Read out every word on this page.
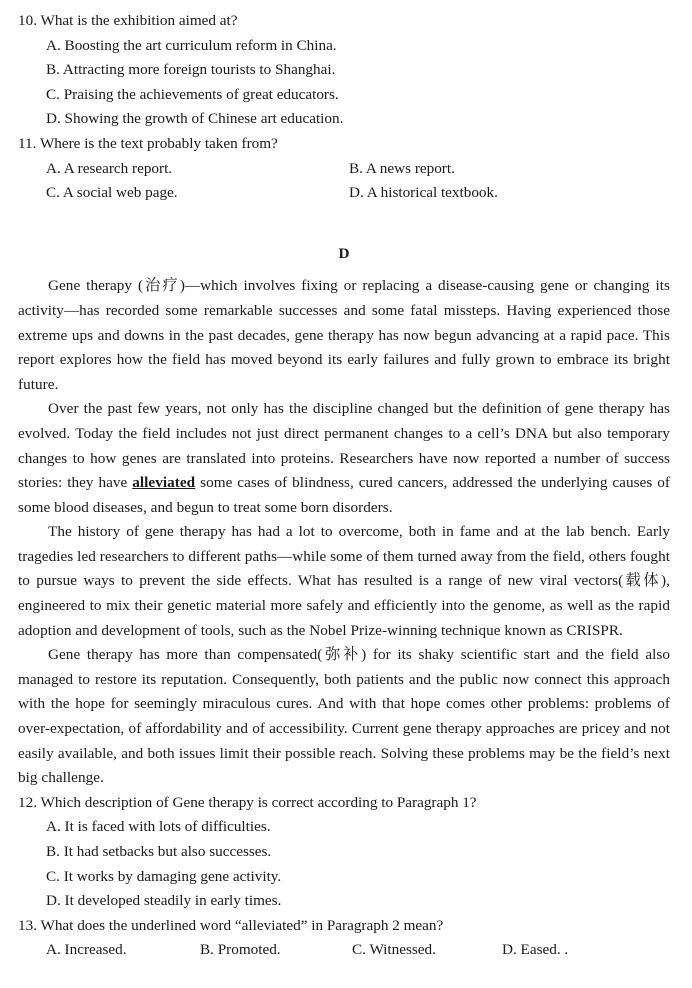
10. What is the exhibition aimed at?
A. Boosting the art curriculum reform in China.
B. Attracting more foreign tourists to Shanghai.
C. Praising the achievements of great educators.
D. Showing the growth of Chinese art education.
11. Where is the text probably taken from?
A. A research report.	B. A news report.
C. A social web page.	D. A historical textbook.
D

Gene therapy (治疗)—which involves fixing or replacing a disease-causing gene or changing its activity—has recorded some remarkable successes and some fatal missteps. Having experienced those extreme ups and downs in the past decades, gene therapy has now begun advancing at a rapid pace. This report explores how the field has moved beyond its early failures and fully grown to embrace its bright future.

Over the past few years, not only has the discipline changed but the definition of gene therapy has evolved. Today the field includes not just direct permanent changes to a cell’s DNA but also temporary changes to how genes are translated into proteins. Researchers have now reported a number of success stories: they have alleviated some cases of blindness, cured cancers, addressed the underlying causes of some blood diseases, and begun to treat some born disorders.

The history of gene therapy has had a lot to overcome, both in fame and at the lab bench. Early tragedies led researchers to different paths—while some of them turned away from the field, others fought to pursue ways to prevent the side effects. What has resulted is a range of new viral vectors(载体), engineered to mix their genetic material more safely and efficiently into the genome, as well as the rapid adoption and development of tools, such as the Nobel Prize-winning technique known as CRISPR.

Gene therapy has more than compensated(弥补) for its shaky scientific start and the field also managed to restore its reputation. Consequently, both patients and the public now connect this approach with the hope for seemingly miraculous cures. And with that hope comes other problems: problems of over-expectation, of affordability and of accessibility. Current gene therapy approaches are pricey and not easily available, and both issues limit their possible reach. Solving these problems may be the field’s next big challenge.

12. Which description of Gene therapy is correct according to Paragraph 1?
A. It is faced with lots of difficulties.
B. It had setbacks but also successes.
C. It works by damaging gene activity.
D. It developed steadily in early times.
13. What does the underlined word “alleviated” in Paragraph 2 mean?
A. Increased.	B. Promoted.	C. Witnessed.	D. Eased. .
